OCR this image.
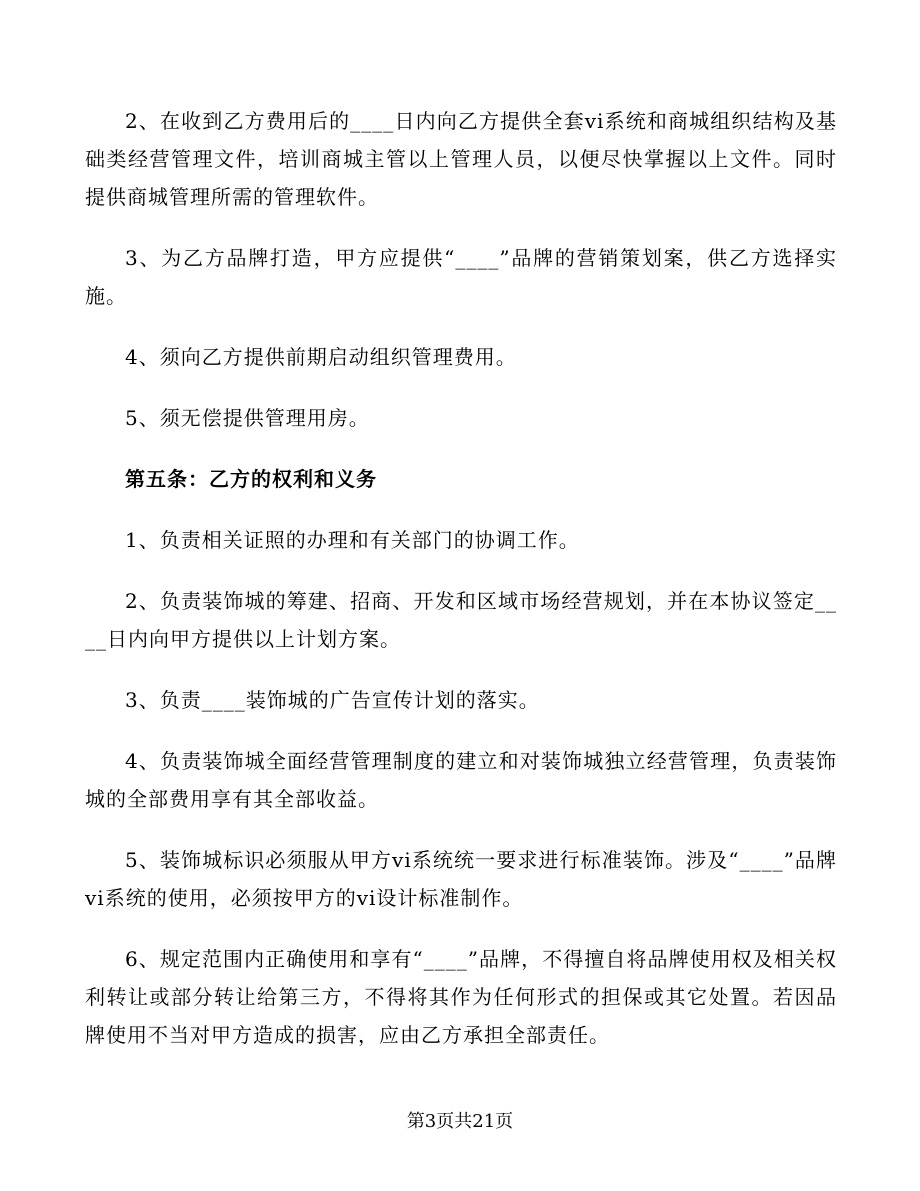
2、在收到乙方费用后的____日内向乙方提供全套vi系统和商城组织结构及基础类经营管理文件，培训商城主管以上管理人员，以便尽快掌握以上文件。同时提供商城管理所需的管理软件。

3、为乙方品牌打造，甲方应提供“____”品牌的营销策划案，供乙方选择实施。

4、须向乙方提供前期启动组织管理费用。

5、须无偿提供管理用房。

第五条：乙方的权利和义务

1、负责相关证照的办理和有关部门的协调工作。

2、负责装饰城的筹建、招商、开发和区域市场经营规划，并在本协议签定____日内向甲方提供以上计划方案。

3、负责____装饰城的广告宣传计划的落实。

4、负责装饰城全面经营管理制度的建立和对装饰城独立经营管理，负责装饰城的全部费用享有其全部收益。

5、装饰城标识必须服从甲方vi系统统一要求进行标准装饰。涉及“____”品牌vi系统的使用，必须按甲方的vi设计标准制作。

6、规定范围内正确使用和享有“____”品牌，不得擅自将品牌使用权及相关权利转让或部分转让给第三方，不得将其作为任何形式的担保或其它处置。若因品牌使用不当对甲方造成的损害，应由乙方承担全部责任。

第3页共21页
